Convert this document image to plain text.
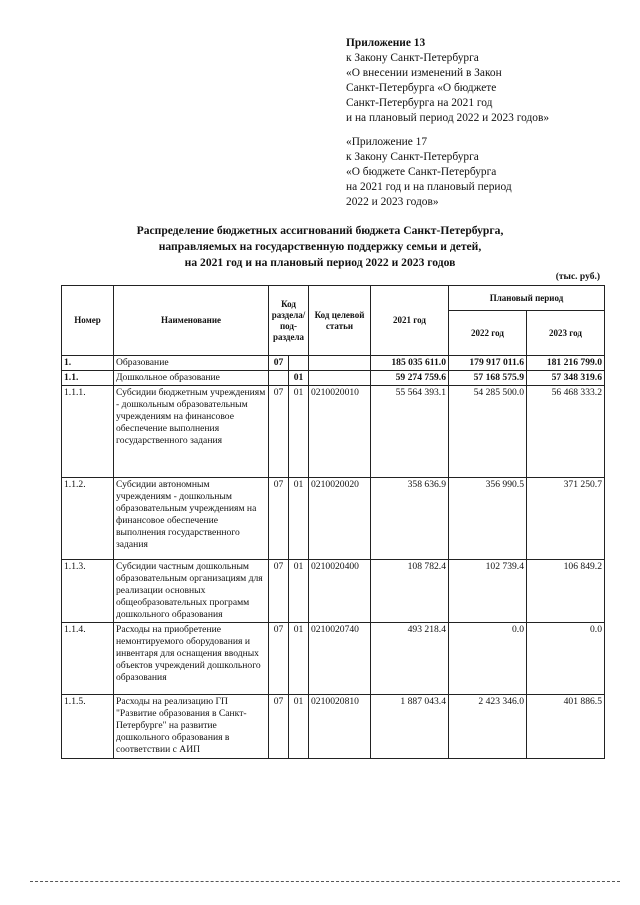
Приложение 13
к Закону Санкт-Петербурга
«О внесении изменений в Закон
Санкт-Петербурга «О бюджете
Санкт-Петербурга на 2021 год
и на плановый период 2022 и 2023 годов»
«Приложение 17
к Закону Санкт-Петербурга
«О бюджете Санкт-Петербурга
на 2021 год и на плановый период
2022 и 2023 годов»
Распределение бюджетных ассигнований бюджета Санкт-Петербурга,
направляемых на государственную поддержку семьи и детей,
на 2021 год и на плановый период 2022 и 2023 годов
(тыс. руб.)
Номер	Наименование	Код раздела/ под-раздела		Код целевой статьи	2021 год	Плановый период	
						2022 год	2023 год
1.	Образование	07			185 035 611.0	179 917 011.6	181 216 799.0
1.1.	Дошкольное образование		01		59 274 759.6	57 168 575.9	57 348 319.6
1.1.1.	Субсидии бюджетным учреждениям - дошкольным образовательным учреждениям на финансовое обеспечение выполнения государственного задания	07	01	0210020010	55 564 393.1	54 285 500.0	56 468 333.2
1.1.2.	Субсидии автономным учреждениям - дошкольным образовательным учреждениям на финансовое обеспечение выполнения государственного задания	07	01	0210020020	358 636.9	356 990.5	371 250.7
1.1.3.	Субсидии частным дошкольным образовательным организациям для реализации основных общеобразовательных программ дошкольного образования	07	01	0210020400	108 782.4	102 739.4	106 849.2
1.1.4.	Расходы на приобретение немонтируемого оборудования и инвентаря для оснащения вводных объектов учреждений дошкольного образования	07	01	0210020740	493 218.4	0.0	0.0
1.1.5.	Расходы на реализацию ГП "Развитие образования в Санкт-Петербурге" на развитие дошкольного образования в соответствии с АИП	07	01	0210020810	1 887 043.4	2 423 346.0	401 886.5
